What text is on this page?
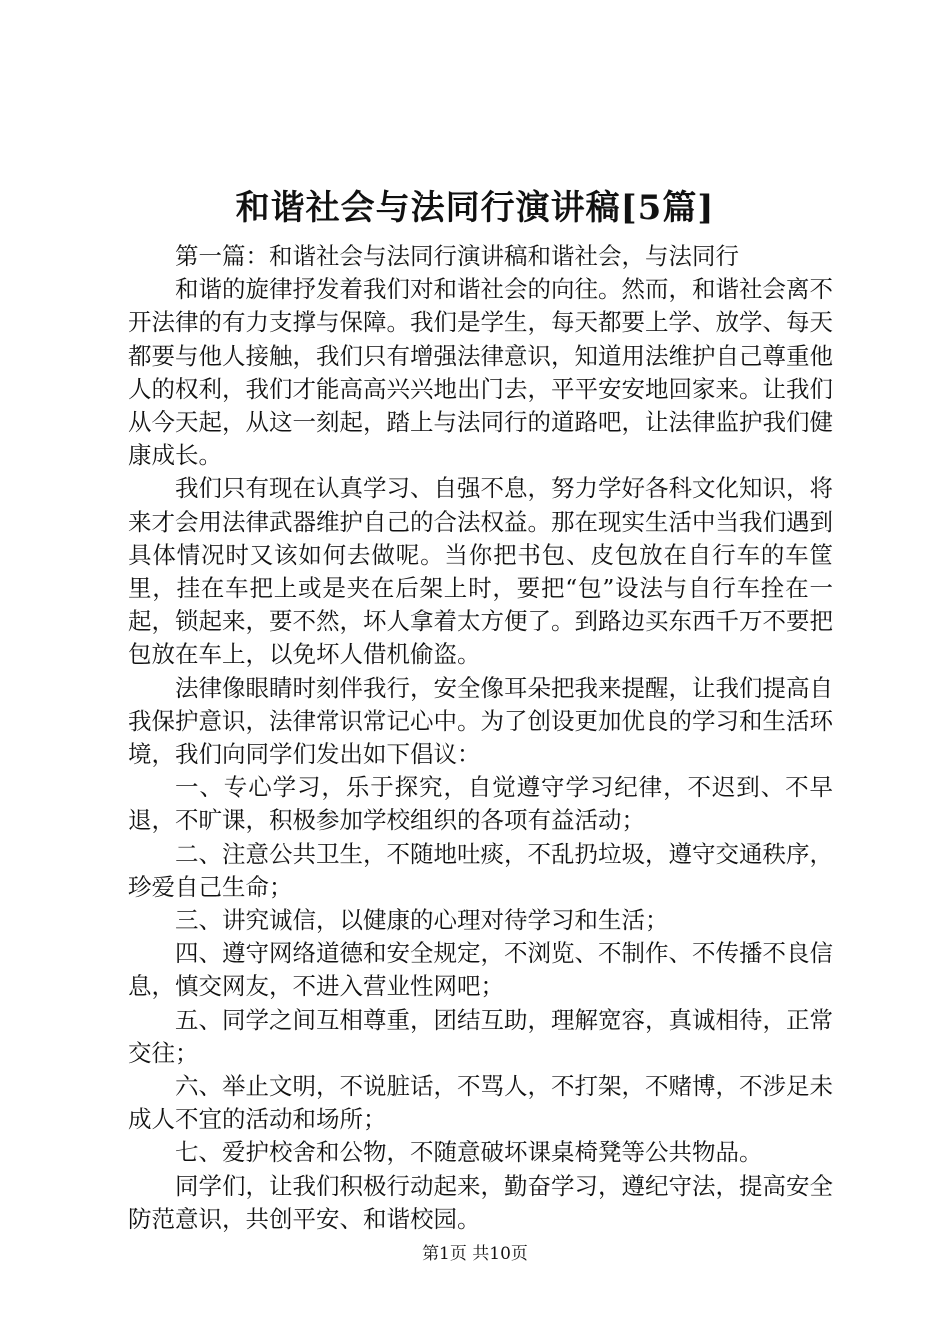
和谐社会与法同行演讲稿[5篇]

第一篇：和谐社会与法同行演讲稿和谐社会，与法同行

和谐的旋律抒发着我们对和谐社会的向往。然而，和谐社会离不开法律的有力支撑与保障。我们是学生，每天都要上学、放学、每天都要与他人接触，我们只有增强法律意识，知道用法维护自己尊重他人的权利，我们才能高高兴兴地出门去，平平安安地回家来。让我们从今天起，从这一刻起，踏上与法同行的道路吧，让法律监护我们健康成长。

我们只有现在认真学习、自强不息，努力学好各科文化知识，将来才会用法律武器维护自己的合法权益。那在现实生活中当我们遇到具体情况时又该如何去做呢。当你把书包、皮包放在自行车的车筐里，挂在车把上或是夹在后架上时，要把“包”设法与自行车拴在一起，锁起来，要不然，坏人拿着太方便了。到路边买东西千万不要把包放在车上，以免坏人借机偷盗。

法律像眼睛时刻伴我行，安全像耳朵把我来提醒，让我们提高自我保护意识，法律常识常记心中。为了创设更加优良的学习和生活环境，我们向同学们发出如下倡议：

一、专心学习，乐于探究，自觉遵守学习纪律，不迟到、不早退，不旷课，积极参加学校组织的各项有益活动；

二、注意公共卫生，不随地吐痰，不乱扔垃圾，遵守交通秩序，珍爱自己生命；

三、讲究诚信，以健康的心理对待学习和生活；

四、遵守网络道德和安全规定，不浏览、不制作、不传播不良信息，慎交网友，不进入营业性网吧；

五、同学之间互相尊重，团结互助，理解宽容，真诚相待，正常交往；

六、举止文明，不说脏话，不骂人，不打架，不赌博，不涉足未成人不宜的活动和场所；

七、爱护校舍和公物，不随意破坏课桌椅凳等公共物品。

同学们，让我们积极行动起来，勤奋学习，遵纪守法，提高安全防范意识，共创平安、和谐校园。

第1页 共10页
